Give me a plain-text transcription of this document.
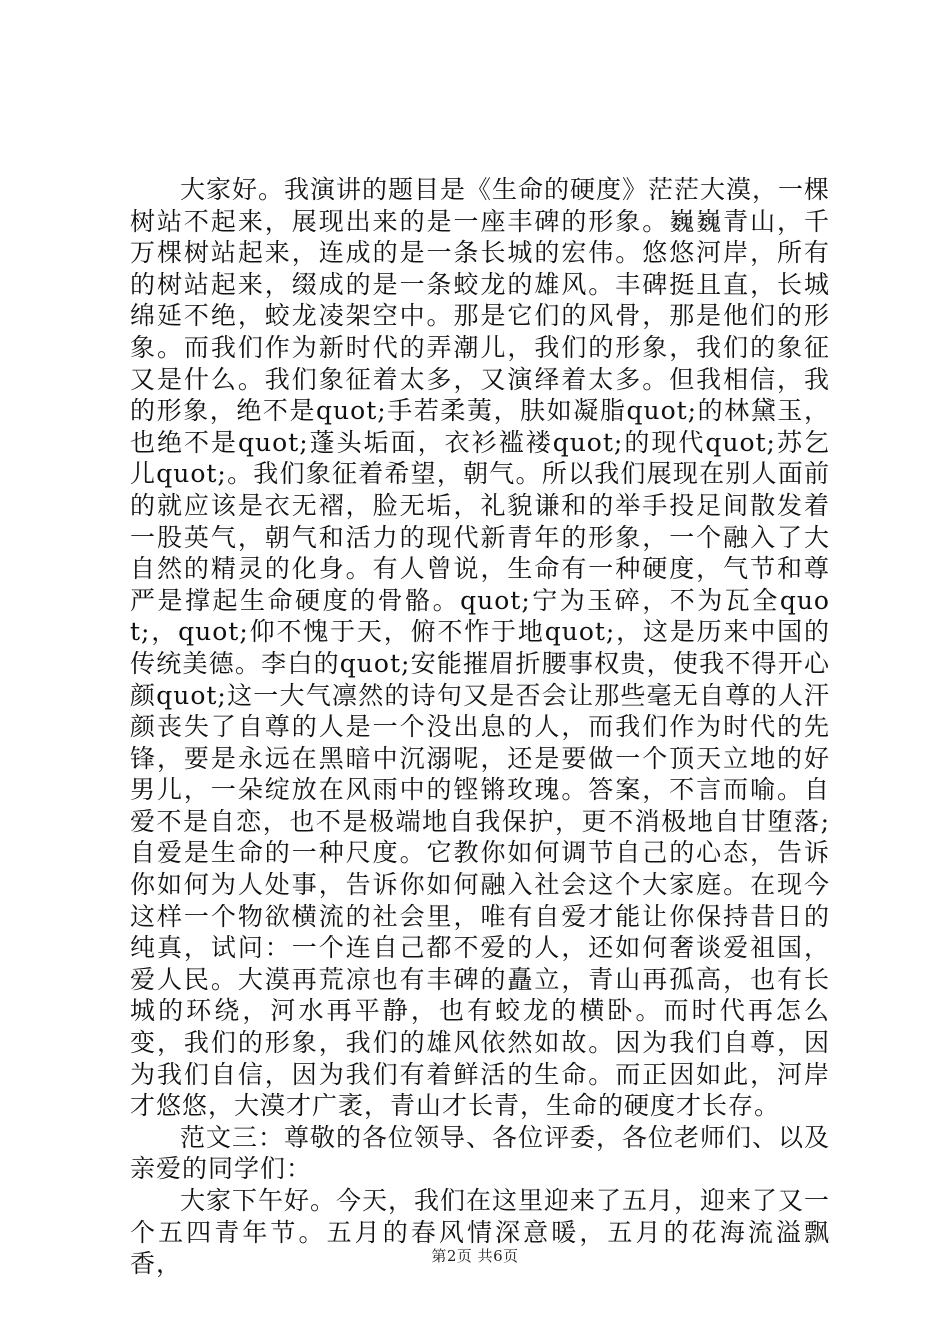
大家好。我演讲的题目是《生命的硬度》茫茫大漠，一棵树站不起来，展现出来的是一座丰碑的形象。巍巍青山，千万棵树站起来，连成的是一条长城的宏伟。悠悠河岸，所有的树站起来，缀成的是一条蛟龙的雄风。丰碑挺且直，长城绵延不绝，蛟龙凌架空中。那是它们的风骨，那是他们的形象。而我们作为新时代的弄潮儿，我们的形象，我们的象征又是什么。我们象征着太多，又演绎着太多。但我相信，我的形象，绝不是quot;手若柔荑，肤如凝脂quot;的林黛玉，也绝不是quot;蓬头垢面，衣衫褴褛quot;的现代quot;苏乞儿quot;。我们象征着希望，朝气。所以我们展现在别人面前的就应该是衣无褶，脸无垢，礼貌谦和的举手投足间散发着一股英气，朝气和活力的现代新青年的形象，一个融入了大自然的精灵的化身。有人曾说，生命有一种硬度，气节和尊严是撑起生命硬度的骨骼。quot;宁为玉碎，不为瓦全quot;，quot;仰不愧于天，俯不怍于地quot;，这是历来中国的传统美德。李白的quot;安能摧眉折腰事权贵，使我不得开心颜quot;这一大气凛然的诗句又是否会让那些毫无自尊的人汗颜丧失了自尊的人是一个没出息的人，而我们作为时代的先锋，要是永远在黑暗中沉溺呢，还是要做一个顶天立地的好男儿，一朵绽放在风雨中的铿锵玫瑰。答案，不言而喻。自爱不是自恋，也不是极端地自我保护，更不消极地自甘堕落;自爱是生命的一种尺度。它教你如何调节自己的心态，告诉你如何为人处事，告诉你如何融入社会这个大家庭。在现今这样一个物欲横流的社会里，唯有自爱才能让你保持昔日的纯真，试问：一个连自己都不爱的人，还如何奢谈爱祖国，爱人民。大漠再荒凉也有丰碑的矗立，青山再孤高，也有长城的环绕，河水再平静，也有蛟龙的横卧。而时代再怎么变，我们的形象，我们的雄风依然如故。因为我们自尊，因为我们自信，因为我们有着鲜活的生命。而正因如此，河岸才悠悠，大漠才广袤，青山才长青，生命的硬度才长存。

范文三：尊敬的各位领导、各位评委，各位老师们、以及亲爱的同学们：

大家下午好。今天，我们在这里迎来了五月，迎来了又一个五四青年节。五月的春风情深意暖，五月的花海流溢飘香，	第2页 共6页
